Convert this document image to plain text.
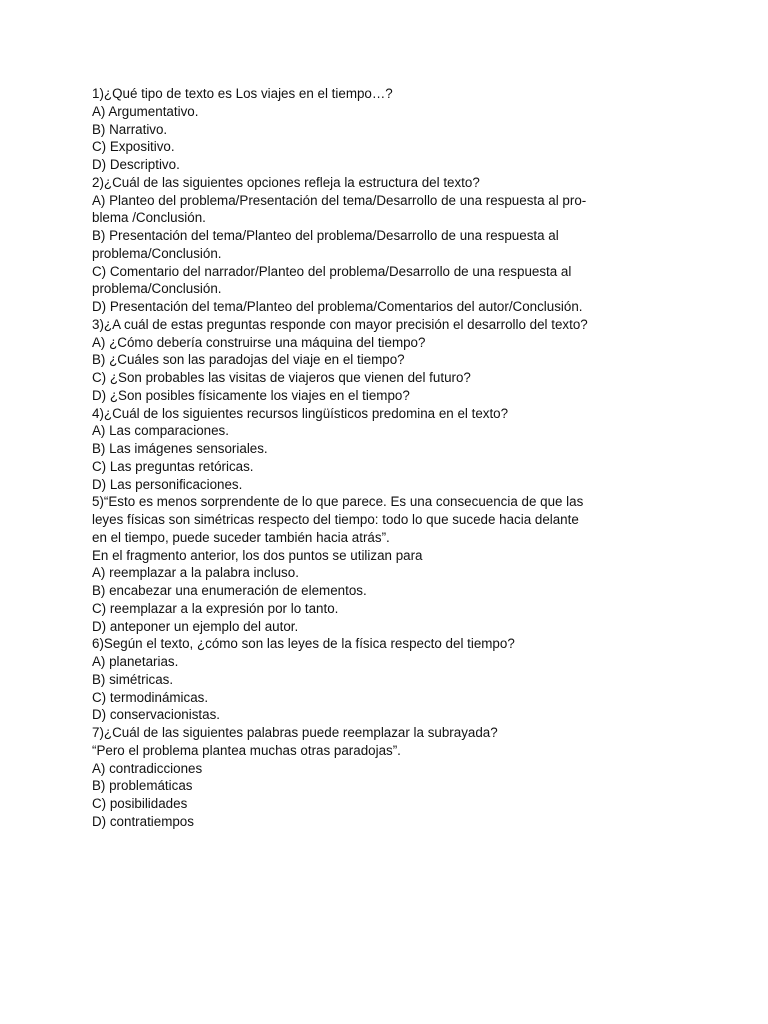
1)¿Qué tipo de texto es Los viajes en el tiempo…?
A) Argumentativo.
B) Narrativo.
C) Expositivo.
D) Descriptivo.
2)¿Cuál de las siguientes opciones refleja la estructura del texto?
A) Planteo del problema/Presentación del tema/Desarrollo de una respuesta al pro-
blema /Conclusión.
B) Presentación del tema/Planteo del problema/Desarrollo de una respuesta al
problema/Conclusión.
C) Comentario del narrador/Planteo del problema/Desarrollo de una respuesta al
problema/Conclusión.
D) Presentación del tema/Planteo del problema/Comentarios del autor/Conclusión.
3)¿A cuál de estas preguntas responde con mayor precisión el desarrollo del texto?
A) ¿Cómo debería construirse una máquina del tiempo?
B) ¿Cuáles son las paradojas del viaje en el tiempo?
C) ¿Son probables las visitas de viajeros que vienen del futuro?
D) ¿Son posibles físicamente los viajes en el tiempo?
4)¿Cuál de los siguientes recursos lingüísticos predomina en el texto?
A) Las comparaciones.
B) Las imágenes sensoriales.
C) Las preguntas retóricas.
D) Las personificaciones.
5)“Esto es menos sorprendente de lo que parece. Es una consecuencia de que las
leyes físicas son simétricas respecto del tiempo: todo lo que sucede hacia delante
en el tiempo, puede suceder también hacia atrás”.
En el fragmento anterior, los dos puntos se utilizan para
A) reemplazar a la palabra incluso.
B) encabezar una enumeración de elementos.
C) reemplazar a la expresión por lo tanto.
D) anteponer un ejemplo del autor.
6)Según el texto, ¿cómo son las leyes de la física respecto del tiempo?
A) planetarias.
B) simétricas.
C) termodinámicas.
D) conservacionistas.
7)¿Cuál de las siguientes palabras puede reemplazar la subrayada?
“Pero el problema plantea muchas otras paradojas”.
A) contradicciones
B) problemáticas
C) posibilidades
D) contratiempos
